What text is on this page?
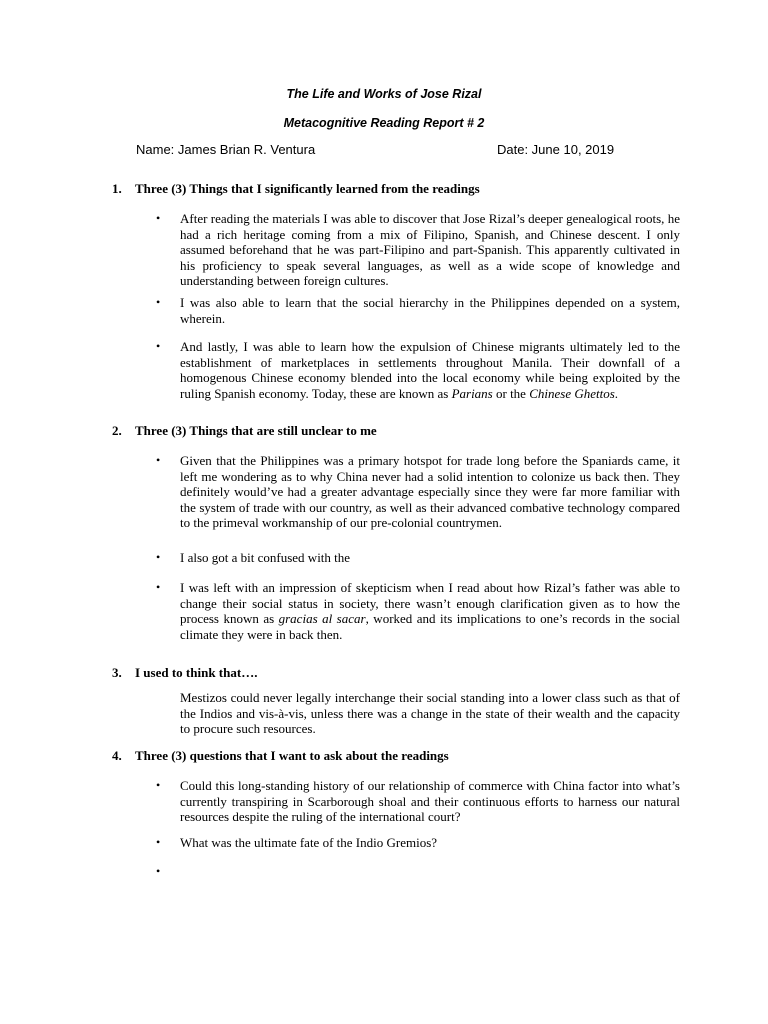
The Life and Works of Jose Rizal
Metacognitive Reading Report # 2
Name: James Brian R. Ventura	Date: June 10, 2019
1. Three (3) Things that I significantly learned from the readings
•	After reading the materials I was able to discover that Jose Rizal’s deeper genealogical roots, he had a rich heritage coming from a mix of Filipino, Spanish, and Chinese descent. I only assumed beforehand that he was part-Filipino and part-Spanish. This apparently cultivated in his proficiency to speak several languages, as well as a wide scope of knowledge and understanding between foreign cultures.
•	I was also able to learn that the social hierarchy in the Philippines depended on a system, wherein.
•	And lastly, I was able to learn how the expulsion of Chinese migrants ultimately led to the establishment of marketplaces in settlements throughout Manila. Their downfall of a homogenous Chinese economy blended into the local economy while being exploited by the ruling Spanish economy. Today, these are known as Parians or the Chinese Ghettos.
2. Three (3) Things that are still unclear to me
•	Given that the Philippines was a primary hotspot for trade long before the Spaniards came, it left me wondering as to why China never had a solid intention to colonize us back then. They definitely would’ve had a greater advantage especially since they were far more familiar with the system of trade with our country, as well as their advanced combative technology compared to the primeval workmanship of our pre-colonial countrymen.
•	I also got a bit confused with the
•	I was left with an impression of skepticism when I read about how Rizal’s father was able to change their social status in society, there wasn’t enough clarification given as to how the process known as gracias al sacar, worked and its implications to one’s records in the social climate they were in back then.
3. I used to think that….
Mestizos could never legally interchange their social standing into a lower class such as that of the Indios and vis-à-vis, unless there was a change in the state of their wealth and the capacity to procure such resources.
4. Three (3) questions that I want to ask about the readings
•	Could this long-standing history of our relationship of commerce with China factor into what’s currently transpiring in Scarborough shoal and their continuous efforts to harness our natural resources despite the ruling of the international court?
•	What was the ultimate fate of the Indio Gremios?
•
